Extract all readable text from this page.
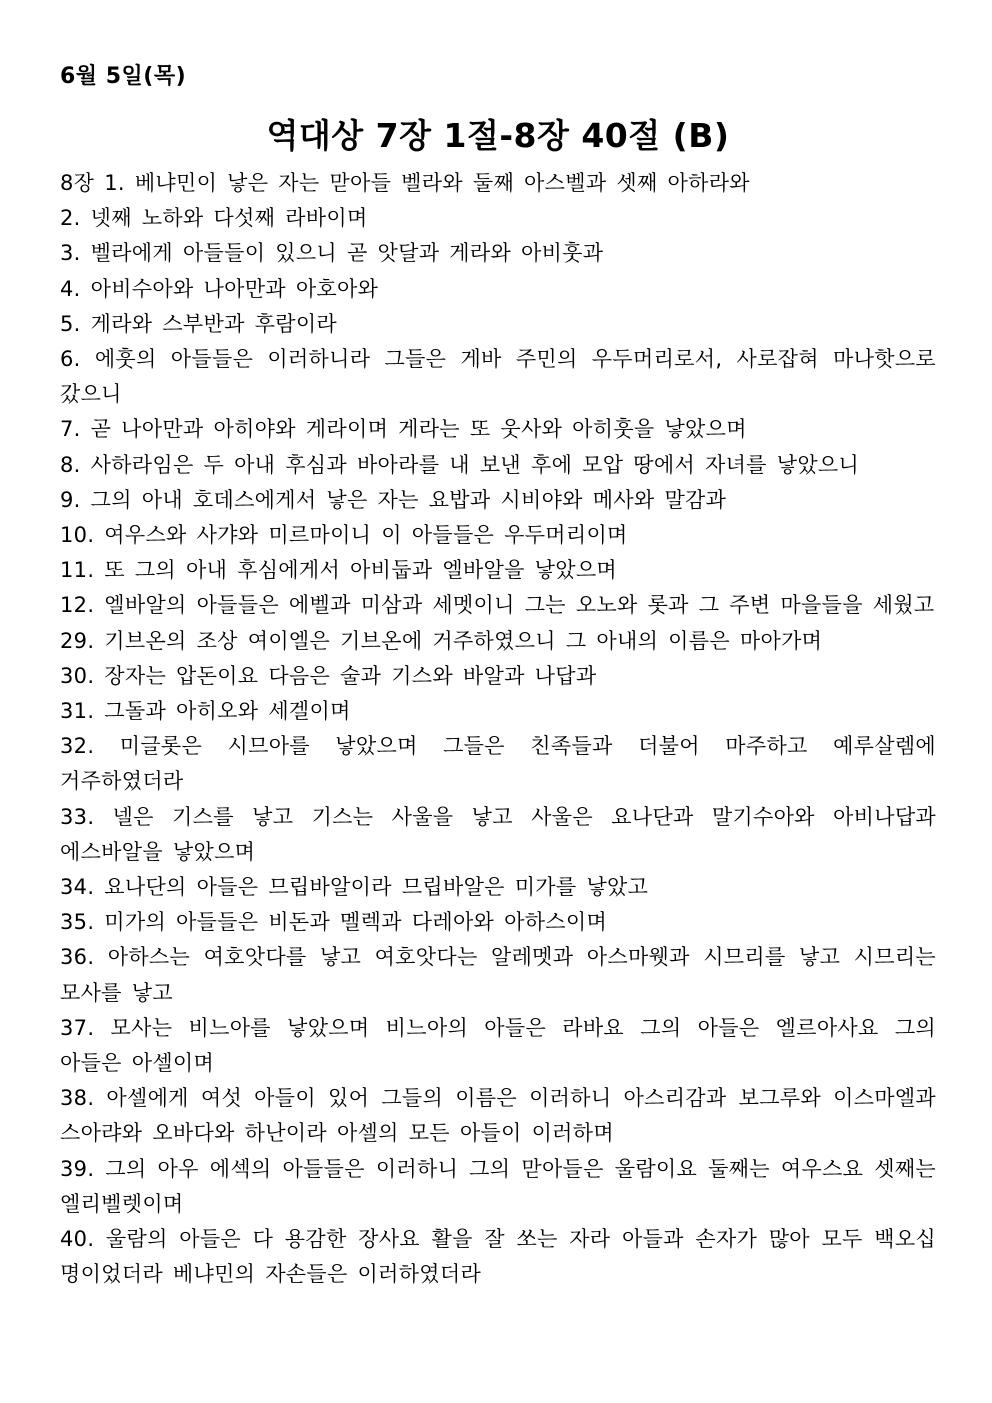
6월 5일(목)
역대상 7장 1절-8장 40절 (B)
8장 1. 베냐민이 낳은 자는 맏아들 벨라와 둘째 아스벨과 셋째 아하라와
2. 넷째 노하와 다섯째 라바이며
3. 벨라에게 아들들이 있으니 곧 앗달과 게라와 아비훗과
4. 아비수아와 나아만과 아호아와
5. 게라와 스부반과 후람이라
6. 에훗의 아들들은 이러하니라 그들은 게바 주민의 우두머리로서, 사로잡혀 마나핫으로 갔으니
7. 곧 나아만과 아히야와 게라이며 게라는 또 웃사와 아히훗을 낳았으며
8. 사하라임은 두 아내 후심과 바아라를 내 보낸 후에 모압 땅에서 자녀를 낳았으니
9. 그의 아내 호데스에게서 낳은 자는 요밥과 시비야와 메사와 말감과
10. 여우스와 사갸와 미르마이니 이 아들들은 우두머리이며
11. 또 그의 아내 후심에게서 아비둡과 엘바알을 낳았으며
12. 엘바알의 아들들은 에벨과 미삼과 세멧이니 그는 오노와 롯과 그 주변 마을들을 세웠고
29. 기브온의 조상 여이엘은 기브온에 거주하였으니 그 아내의 이름은 마아가며
30. 장자는 압돈이요 다음은 술과 기스와 바알과 나답과
31. 그돌과 아히오와 세겔이며
32. 미글롯은 시므아를 낳았으며 그들은 친족들과 더불어 마주하고 예루살렘에 거주하였더라
33. 넬은 기스를 낳고 기스는 사울을 낳고 사울은 요나단과 말기수아와 아비나답과 에스바알을 낳았으며
34. 요나단의 아들은 므립바알이라 므립바알은 미가를 낳았고
35. 미가의 아들들은 비돈과 멜렉과 다레아와 아하스이며
36. 아하스는 여호앗다를 낳고 여호앗다는 알레멧과 아스마웻과 시므리를 낳고 시므리는 모사를 낳고
37. 모사는 비느아를 낳았으며 비느아의 아들은 라바요 그의 아들은 엘르아사요 그의 아들은 아셀이며
38. 아셀에게 여섯 아들이 있어 그들의 이름은 이러하니 아스리감과 보그루와 이스마엘과 스아랴와 오바다와 하난이라 아셀의 모든 아들이 이러하며
39. 그의 아우 에섹의 아들들은 이러하니 그의 맏아들은 울람이요 둘째는 여우스요 셋째는 엘리벨렛이며
40. 울람의 아들은 다 용감한 장사요 활을 잘 쏘는 자라 아들과 손자가 많아 모두 백오십 명이었더라 베냐민의 자손들은 이러하였더라
